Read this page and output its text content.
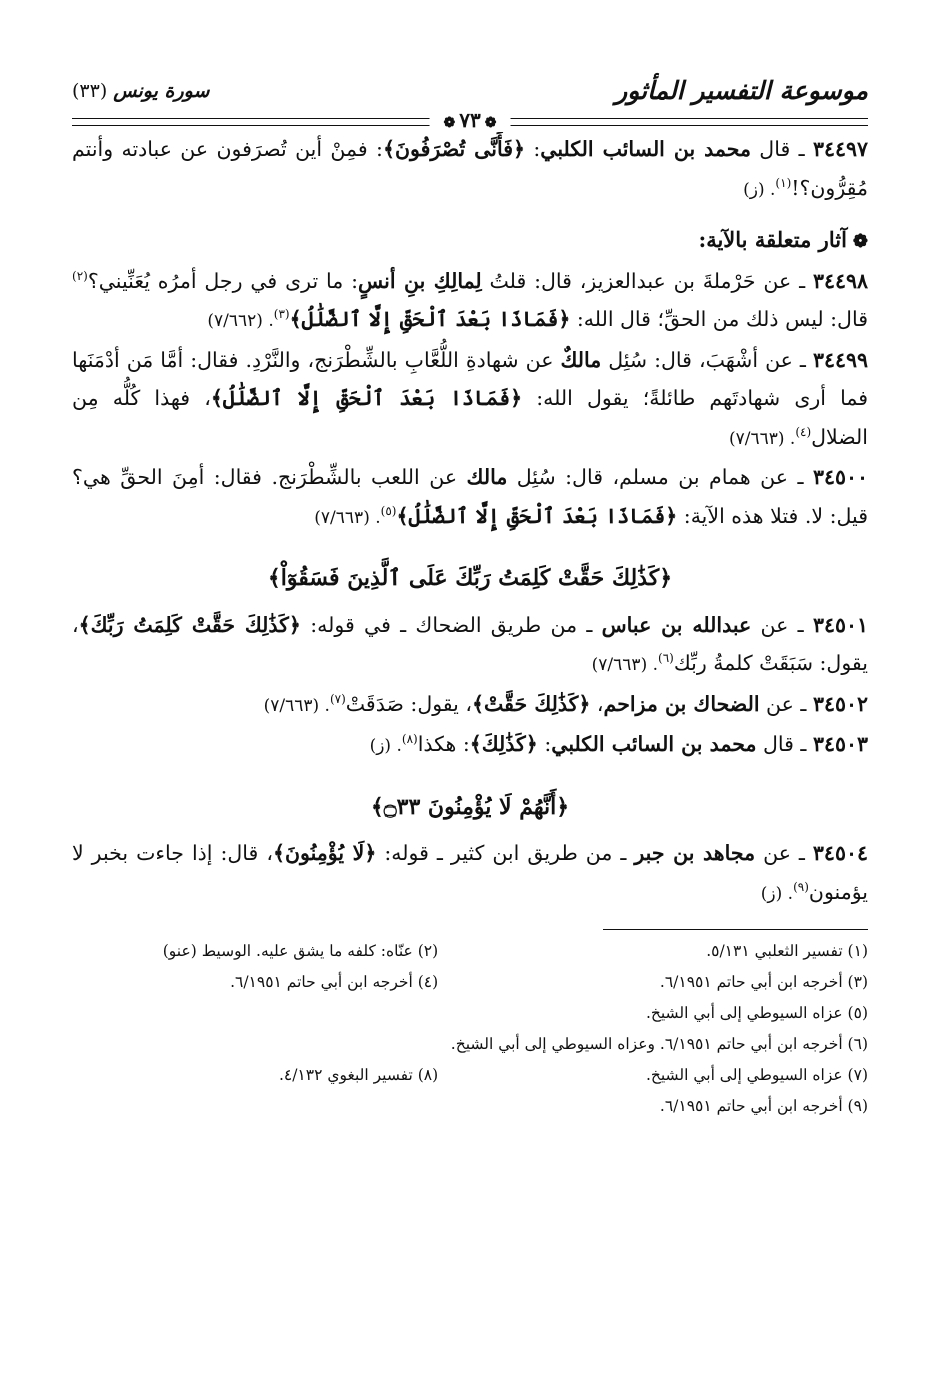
موسوعة التفسير المأثور
سورة يونس(٣٣)
❁٧٣❁

٣٤٤٩٧ ـ قال محمد بن السائب الكلبي: ﴿فَأَنَّى تُصْرَفُونَ﴾: فمِنْ أين تُصرَفون عن عبادته وأنتم مُقِرُّون؟!$^{(١)}$. (ز)

❁آثار متعلقة بالآية:

٣٤٤٩٨ ـ عن حَرْملةَ بن عبدالعزيز، قال: قلتُ لِمالِكِ بنِ أنسٍ: ما ترى في رجل أمرُه يُعَنِّيني؟$^{(٢)}$ قال: ليس ذلك من الحقِّ؛ قال الله: ﴿فَمَاذَا بَعْدَ ٱلْحَقِّ إِلَّا ٱلضَّلَٰلُ﴾$^{(٣)}$. (٧/٦٦٢)

٣٤٤٩٩ ـ عن أشْهَبَ، قال: سُئِل مالكٌ عن شهادةِ اللُّعَّابِ بالشِّطْرَنج، والنَّرْدِ. فقال: أمَّا مَن أدْمَنَها فما أرى شهادتَهم طائلةً؛ يقول الله: ﴿فَمَاذَا بَعْدَ ٱلْحَقِّ إِلَّا ٱلضَّلَٰلُ﴾، فهذا كُلُّه مِن الضلال$^{(٤)}$. (٧/٦٦٣)

٣٤٥٠٠ ـ عن همام بن مسلم، قال: سُئِل مالك عن اللعب بالشِّطْرَنج. فقال: أمِنَ الحقِّ هي؟ قيل: لا. فتلا هذه الآية: ﴿فَمَاذَا بَعْدَ ٱلْحَقِّ إِلَّا ٱلضَّلَٰلُ﴾$^{(٥)}$. (٧/٦٦٣)

﴿كَذَٰلِكَ حَقَّتْ كَلِمَتُ رَبِّكَ عَلَى ٱلَّذِينَ فَسَقُوٓاْ﴾

٣٤٥٠١ ـ عن عبدالله بن عباس ـ من طريق الضحاك ـ في قوله: ﴿كَذَٰلِكَ حَقَّتْ كَلِمَتُ رَبِّكَ﴾، يقول: سَبَقَتْ كلمةُ ربِّك$^{(٦)}$. (٧/٦٦٣)

٣٤٥٠٢ ـ عن الضحاك بن مزاحم، ﴿كَذَٰلِكَ حَقَّتْ﴾، يقول: صَدَقَتْ$^{(٧)}$. (٧/٦٦٣)

٣٤٥٠٣ ـ قال محمد بن السائب الكلبي: ﴿كَذَٰلِكَ﴾: هكذا$^{(٨)}$. (ز)

﴿أَنَّهُمْ لَا يُؤْمِنُونَ ۝٣٣﴾

٣٤٥٠٤ ـ عن مجاهد بن جبر ـ من طريق ابن كثير ـ قوله: ﴿لَا يُؤْمِنُونَ﴾، قال: إذا جاءت بخبر لا يؤمنون$^{(٩)}$. (ز)

(١) تفسير الثعلبي ٥/١٣١.
(٢) عنّاه: كلفه ما يشق عليه. الوسيط (عنو)
(٣) أخرجه ابن أبي حاتم ٦/١٩٥١.
(٤) أخرجه ابن أبي حاتم ٦/١٩٥١.
(٥) عزاه السيوطي إلى أبي الشيخ.
(٦) أخرجه ابن أبي حاتم ٦/١٩٥١. وعزاه السيوطي إلى أبي الشيخ.
(٧) عزاه السيوطي إلى أبي الشيخ.
(٨) تفسير البغوي ٤/١٣٢.
(٩) أخرجه ابن أبي حاتم ٦/١٩٥١.
